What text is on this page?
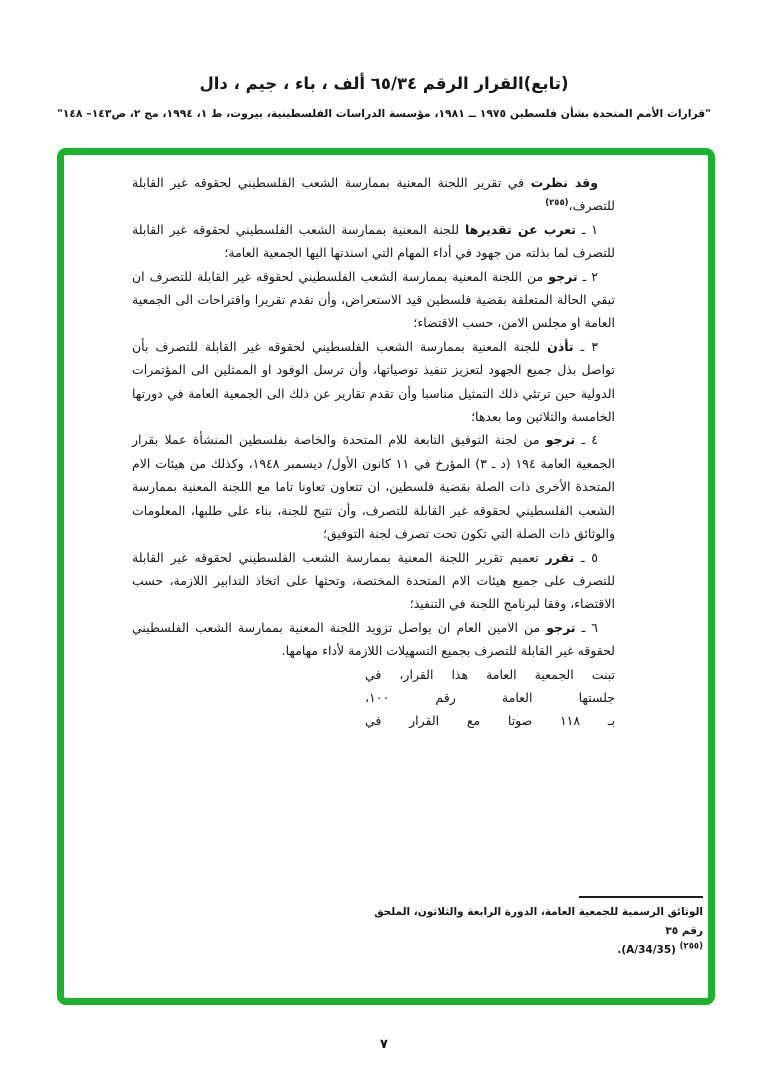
(تابع)القرار الرقم ٦٥/٣٤ ألف ، باء ، جيم ، دال
"قرارات الأمم المتحدة بشأن فلسطين ١٩٧٥ ــ ١٩٨١، مؤسسة الدراسات الفلسطينية، بيروت، ط ١، ١٩٩٤، مج ٢، ص١٤٣– ١٤٨"

وقد نظرت في تقرير اللجنة المعنية بممارسة الشعب الفلسطيني لحقوقه غير القابلة للتصرف،$^{(٢٥٥)}$

١ ـ تعرب عن تقديرها للجنة المعنية بممارسة الشعب الفلسطيني لحقوقه غير القابلة للتصرف لما بذلته من جهود في أداء المهام التي اسندتها اليها الجمعية العامة؛

٢ ـ ترجو من اللجنة المعنية بممارسة الشعب الفلسطيني لحقوقه غير القابلة للتصرف ان تبقي الحالة المتعلقة بقضية فلسطين قيد الاستعراض، وأن تقدم تقريرا واقتراحات الى الجمعية العامة او مجلس الامن، حسب الاقتضاء؛

٣ ـ تأذن للجنة المعنية بممارسة الشعب الفلسطيني لحقوقه غير القابلة للتصرف بأن تواصل بذل جميع الجهود لتعزيز تنفيذ توصياتها، وأن ترسل الوفود او الممثلين الى المؤتمرات الدولية حين ترتئي ذلك التمثيل مناسبا وأن تقدم تقارير عن ذلك الى الجمعية العامة في دورتها الخامسة والثلاثين وما بعدها؛

٤ ـ ترجو من لجنة التوفيق التابعة للام المتحدة والخاصة بفلسطين المنشأة عملا بقرار الجمعية العامة ١٩٤ (د ـ ٣) المؤرخ في ١١ كانون الأول/ ديسمبر ١٩٤٨، وكذلك من هيئات الام المتحدة الأخرى ذات الصلة بقضية فلسطين، ان تتعاون تعاونا تاما مع اللجنة المعنية بممارسة الشعب الفلسطيني لحقوقه غير القابلة للتصرف، وأن تتيح للجنة، بناء على طلبها، المعلومات والوثائق ذات الصلة التي تكون تحت تصرف لجنة التوفيق؛

٥ ـ تقرر تعميم تقرير اللجنة المعنية بممارسة الشعب الفلسطيني لحقوقه غير القابلة للتصرف على جميع هيئات الام المتحدة المختصة، وتحثها على اتخاذ التدابير اللازمة، حسب الاقتضاء، وفقا لبرنامج اللجنة في التنفيذ؛

٦ ـ ترجو من الامين العام ان يواصل تزويد اللجنة المعنية بممارسة الشعب الفلسطيني لحقوقه غير القابلة للتصرف بجميع التسهيلات اللازمة لأداء مهامها.

تبنت الجمعية العامة هذا القرار، في
جلستها العامة رقم ١٠٠،
بـ ١١٨ صوتا مع القرار في
الوثائق الرسمية للجمعية العامة، الدورة الرابعة والثلاثون، الملحق رقم ٣٥
$^{(٢٥٥)}$ (A/34/35).
٧
